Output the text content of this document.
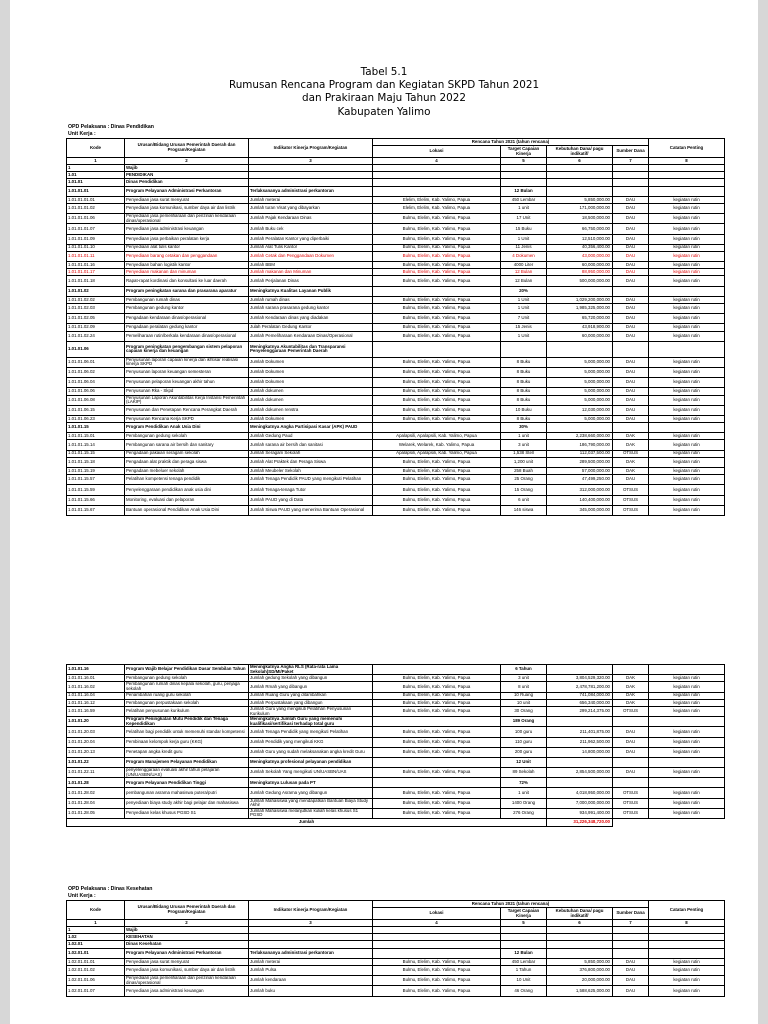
Tabel 5.1
Rumusan Rencana Program dan Kegiatan SKPD Tahun 2021
dan Prakiraan Maju Tahun 2022
Kabupaten Yalimo
OPD Pelaksana : Dinas Pendidikan
Unit Kerja :
Kode	Urusan/Bidang Urusan Pemerintah Daerah dan Program/Kegiatan	Indikator Kinerja Program/Kegiatan	Rencana Tahun 2021 (tahun rencana)				Catatan Penting
			Lokasi	Target Capaian Kinerja	Kebutuhan Dana/ pagu indikatif/	Sumber Dana	
1	2	3	4	5	6	7	8
1	Wajib						
1.01	PENDIDIKAN						
1.01.01	Dinas Pendidikan						
1.01.01.01	Program Pelayanan Administrasi Perkantoran	Terlaksananya administrasi perkantoran		12 Bulan			
1.01.01.01.01	Penyediaan jasa surat menyurat	Jumlah meterai	Elelim, Elelim, Kab. Yalimo, Papua	450 Lembar	5,850,000.00	DAU	kegiatan rutin
1.01.01.01.02	Penyediaan jasa komunikasi, sumber daya air dan listrik	Jumlah turan Visat yang dibayarkan	Elelim, Elelim, Kab. Yalimo, Papua	1 unit	171,000,000.00	DAU	kegiatan rutin
1.01.01.01.06	Penyediaan jasa pemeliharaan dan perizinan kendaraan dinas/operasional	Jumlah Pajak Kendaraan Dinas	Bulmu, Elelim, Kab. Yalimo, Papua	17 Unit	18,500,000.00	DAU	kegiatan rutin
1.01.01.01.07	Penyediaan jasa administrasi keuangan	Jumlah Buku cek	Bulmu, Elelim, Kab. Yalimo, Papua	15 Buku	66,750,000.00	DAU	kegiatan rutin
1.01.01.01.09	Penyediaan jasa perbaikan peralatan kerja	Jumlah Peralatan Kantor yang diperbaiki	Bulmu, Elelim, Kab. Yalimo, Papua	1 Unit	12,510,000.00	DAU	kegiatan rutin
1.01.01.01.10	Penyediaan alat tulis kantor	Jumlah Alat Tulis Kantor	Bulmu, Elelim, Kab. Yalimo, Papua	11 Jenis	40,356,400.00	DAU	kegiatan rutin
1.01.01.01.11	Penyediaan barang cetakan dan penggandaan	Jumlah Cetak dan Penggandaan Dokumen	Bulmu, Elelim, Kab. Yalimo, Papua	4 Dokumen	43,000,000.00	DAU	kegiatan rutin
1.01.01.01.16	Penyediaan bahan logistik kantor	Jumlah BBM	Bulmu, Elelim, Kab. Yalimo, Papua	4000 Liter	60,000,000.00	DAU	kegiatan rutin
1.01.01.01.17	Penyediaan makanan dan minuman	Jumlah makanan dan Minuman	Bulmu, Elelim, Kab. Yalimo, Papua	12 Bulan	88,950,000.00	DAU	kegiatan rutin
1.01.01.01.18	Rapat-rapat kordinasi dan konsultasi ke luar daerah	Jumlah Perjalanan Dinas	Bulmu, Elelim, Kab. Yalimo, Papua	12 Bulan	500,000,000.00	DAU	kegiatan rutin
1.01.01.02	Program peningkatan sarana dan prasarana aparatur	Meningkatnya Kualitas Layanan Publik		20%			
1.01.01.02.02	Pembangunan rumah dinas	Jumlah rumah dinas	Bulmu, Elelim, Kab. Yalimo, Papua	1 Unit	1,029,200,000.00	DAU	kegiatan rutin
1.01.01.02.03	Pembangunan gedung kantor	Jumlah sarana prasarana gedung kantor	Bulmu, Elelim, Kab. Yalimo, Papua	1 Unit	1,985,325,000.00	DAU	kegiatan rutin
1.01.01.02.05	Pengadaan kendaraan dinas/operasional	Jumlah Kendaraan dinas yang diadakan	Bulmu, Elelim, Kab. Yalimo, Papua	7 Unit	65,720,000.00	DAU	kegiatan rutin
1.01.01.02.09	Pengadaan peralatan gedung kantor	Julah Peralatan Gedung Kantor	Bulmu, Elelim, Kab. Yalimo, Papua	15 Jenis	43,918,900.00	DAU	kegiatan rutin
1.01.01.02.24	Pemeliharaan rutin/berkala kendaraan dinas/operasional	Jumlah Pemeliharaan Kendaraan Dinas/Operasional	Bulmu, Elelim, Kab. Yalimo, Papua	1 Unit	60,000,000.00	DAU	kegiatan rutin
1.01.01.06	Program peningkatan pengembangan sistem pelaporan capaian kinerja dan keuangan	Meningkatnya Akuntabilitas dan Transparansi Penyelenggaraan Pemerintah Daerah					
1.01.01.06.01	Penyusunan laporan capaian kinerja dan ikhtisar realisasi kinerja SKPD	Jumlah Dokumen	Bulmu, Elelim, Kab. Yalimo, Papua	8 Buku	5,000,000.00	DAU	kegiatan rutin
1.01.01.06.02	Penyusunan laporan keuangan semesteran	Jumlah Dokumen	Bulmu, Elelim, Kab. Yalimo, Papua	8 Buku	5,000,000.00	DAU	kegiatan rutin
1.01.01.06.04	Penyusunan pelaporan keuangan akhir tahun	Jumlah Dokumen	Bulmu, Elelim, Kab. Yalimo, Papua	8 Buku	5,000,000.00	DAU	kegiatan rutin
1.01.01.06.06	Penyusunan Rka - Skpd	Jumlah dokumen	Bulmu, Elelim, Kab. Yalimo, Papua	8 Buku	5,000,000.00	DAU	kegiatan rutin
1.01.01.06.08	Penyusunan Laporan Akuntabilitas Kerja Instansi Pemerintah (LAKIP)	Jumlah dokumen	Bulmu, Elelim, Kab. Yalimo, Papua	8 Buku	5,000,000.00	DAU	kegiatan rutin
1.01.01.06.15	Penyusunan dan Penetapan Rencana Perangkat Daerah	Jumlah dokumen renstra	Bulmu, Elelim, Kab. Yalimo, Papua	10 Buku	12,030,000.00	DAU	kegiatan rutin
1.01.01.06.23	Penyusunan Rencana Kerja SKPD	Jumlah Dokumen	Bulmu, Elelim, Kab. Yalimo, Papua	8 Buku	5,000,000.00	DAU	kegiatan rutin
1.01.01.15	Program Pendidikan Anak Usia Dini	Meningkatnya Angka Partisipasi Kasar (APK) PAUD		30%			
1.01.01.15.01	Pembangunan gedung sekolah	Jumlah Gedung Paud	Apalapsili, Apalapsili, Kab. Yalimo, Papua	1 unit	2,238,660,000.00	DAK	kegiatan rutin
1.01.01.15.14	Pembangunan sarana air bersih dan sanitary	Jumlah sarana air bersih dan sanitasi	Welarek, Welarek, Kab. Yalimo, Papua	3 unit	186,790,000.00	DAK	kegiatan rutin
1.01.01.15.15	Pengadaan pakaian seragam sekolah	Jumlah Seragam Sekolah	Apalapsili, Apalapsili, Kab. Yalimo, Papua	1,538 Stell	112,037,500.00	OTSUS	kegiatan rutin
1.01.01.15.18	Pengadaan alat praktik dan peraga siswa	Jumlah Alat Praktek dan Peraga Siswa	Bulmu, Elelim, Kab. Yalimo, Papua	1,200 unit	289,500,000.00	DAK	kegiatan rutin
1.01.01.15.19	Pengadaan mebeluer sekolah	Jumlah Meubeler Sekolah	Bulmu, Elelim, Kab. Yalimo, Papua	258 Buah	57,000,000.00	DAK	kegiatan rutin
1.01.01.15.57	Pelatihan kompetensi tenaga pendidik	Jumlah Tenaga Pendidik PAUD yang mengikuti Pelatihan	Bulmu, Elelim, Kab. Yalimo, Papua	25 Orang	47,499,250.00	DAU	kegiatan rutin
1.01.01.15.59	Penyelenggaraan pendidikan anak usia dini	Jumlah Tenaga-tenaga Tutor	Bulmu, Elelim, Kab. Yalimo, Papua	15 Orang	312,000,000.00	OTSUS	kegiatan rutin
1.01.01.15.66	Monitoring, evaluasi dan pelaporan	Jumlah PAUD yang di Data	Bulmu, Elelim, Kab. Yalimo, Papua	6 unit	140,400,000.00	OTSUS	kegiatan rutin
1.01.01.15.67	Bantuan operasional Pendidikan Anak Usia Dini	Jumlah Siswa PAUD yang menerima Bantuan Operasional	Bulmu, Elelim, Kab. Yalimo, Papua	146 siswa	345,000,000.00	OTSUS	kegiatan rutin
1.01.01.16	Program Wajib Belajar Pendidikan Dasar Sembilan Tahun	Meningkatnya Angka RLS (Rata-rata Lama Sekolah)SD/MI/Paket		6 Tahun			
1.01.01.16.01	Pembangunan gedung sekolah	Jumlah gedung Sekolah yang dibangun	Bulmu, Elelim, Kab. Yalimo, Papua	3 unit	3,804,529,320.00	DAK	kegiatan rutin
1.01.01.16.02	Pembangunan rumah dinas kepala sekolah, guru, penjaga sekolah	Jumlah Rmah yang dibangun	Bulmu, Elelim, Kab. Yalimo, Papua	8 unit	2,478,781,200.00	DAK	kegiatan rutin
1.01.01.16.04	Penambahan ruang guru sekolah	Jumlah Ruang Guru yang ditambahkan	Bulmu, Elelim, Kab. Yalimo, Papua	10 Ruang	741,084,000.00	DAK	kegiatan rutin
1.01.01.16.12	Pembangunan perpustakaan sekolah	Jumlah Perpustakaan yang dibangun	Bulmu, Elelim, Kab. Yalimo, Papua	10 unit	656,340,000.00	DAK	kegiatan rutin
1.01.01.16.59	Pelatihan penyusunan kurikulum	Jumlah Guru yang mengikuti Pelatihan Penyusunan Kurikulum	Bulmu, Elelim, Kab. Yalimo, Papua	30 Orang	299,214,375.00	OTSUS	kegiatan rutin
1.01.01.20	Program Peningkatan Mutu Pendidik dan Tenaga Kependidikan	Meningkatnya Jumlah Guru yang memenuhi kualifikasi/sertifikasi terhadap total guru		189 Orang			
1.01.01.20.03	Pelatihan bagi pendidik untuk memenuhi standar kompetensi	Jumlah Tenaga Pendidik yang mengikuti Pelatihan	Bulmu, Elelim, Kab. Yalimo, Papua	100 guru	211,401,875.00	DAU	kegiatan rutin
1.01.01.20.04	Pembinaan kelompok kerja guru (KKG)	Jumlah Pendidik yang mengikuti KKG	Bulmu, Elelim, Kab. Yalimo, Papua	110 guru	211,962,500.00	DAU	kegiatan rutin
1.01.01.20.13	Penetapan angka kredit guru	Jumlah Guru yang sudah melaksanakan angka kredit Guru	Bulmu, Elelim, Kab. Yalimo, Papua	200 guru	14,800,000.00	DAU	kegiatan rutin
1.01.01.22	Program Manajemen Pelayanan Pendidikan	Meningkatnya profesional pelayanan pendidikan		12 Unit			
1.01.01.22.11	penyelenggaraan evaluasi akhir tahun pelajaran (UN/UASBN/UAS)	Jumlah Sekolah Yang mengikuti UN/UASBN/UAS	Bulmu, Elelim, Kab. Yalimo, Papua	89 Sekolah	2,854,500,000.00	DAU	kegiatan rutin
1.01.01.28	Program Pelayanan Pendidikan Tinggi	Meningkatnya Lulusan pada PT		72%			
1.01.01.28.02	pembangunan asrama mahasiswa putera/putri	Jumlah Gedung Asrama yang dibangun	Bulmu, Elelim, Kab. Yalimo, Papua	1 unit	4,018,950,000.00	OTSUS	kegiatan rutin
1.01.01.28.04	penyediaan biaya study akhir bagi pelajar dan mahasiswa	Jumlah Mahasiswa yang mendapatkan Bantuan Biaya Study Akhir	Bulmu, Elelim, Kab. Yalimo, Papua	1400 Orang	7,000,000,000.00	OTSUS	kegiatan rutin
1.01.01.28.05	Penyediaan kelas khusus PGSD S1	Jumlah Mahasiswa melanjutkan kuliah kelas khusus S1 PGSD	Bulmu, Elelim, Kab. Yalimo, Papua	276 Orang	934,991,400.00	OTSUS	kegiatan rutin
Jumlah					31,226,348,720.00		
OPD Pelaksana : Dinas Kesehatan
Unit Kerja :
Kode	Urusan/Bidang Urusan Pemerintah Daerah dan Program/Kegiatan	Indikator Kinerja Program/Kegiatan	Rencana Tahun 2021 (tahun rencana)				Catatan Penting
			Lokasi	Target Capaian Kinerja	Kebutuhan Dana/ pagu indikatif/	Sumber Dana	
1	2	3	4	5	6	7	8
1	Wajib						
1.02	KESEHATAN						
1.02.01	Dinas Kesehatan						
1.02.01.01	Program Pelayanan Administrasi Perkantoran	Terlaksananya administrasi perkantoran		12 Bulan			
1.02.01.01.01	Penyediaan jasa surat menyurat	Jumlah meterai	Bulmu, Elelim, Kab. Yalimo, Papua	450 Lembar	5,850,000.00	DAU	kegiatan rutin
1.02.01.01.02	Penyediaan jasa komunikasi, sumber daya air dan listrik	Jumlah Pulsa	Bulmu, Elelim, Kab. Yalimo, Papua	1 Tahun	376,800,000.00	DAU	kegiatan rutin
1.02.01.01.06	Penyediaan jasa pemeliharaan dan perizinan kendaraan dinas/operasional	Jumlah kendaraan	Bulmu, Elelim, Kab. Yalimo, Papua	10 Unit	20,000,000.00	DAU	kegiatan rutin
1.02.01.01.07	Penyediaan jasa administrasi keuangan	Jumlah buku	Bulmu, Elelim, Kab. Yalimo, Papua	46 Orang	1,588,625,000.00	DAU	kegiatan rutin
